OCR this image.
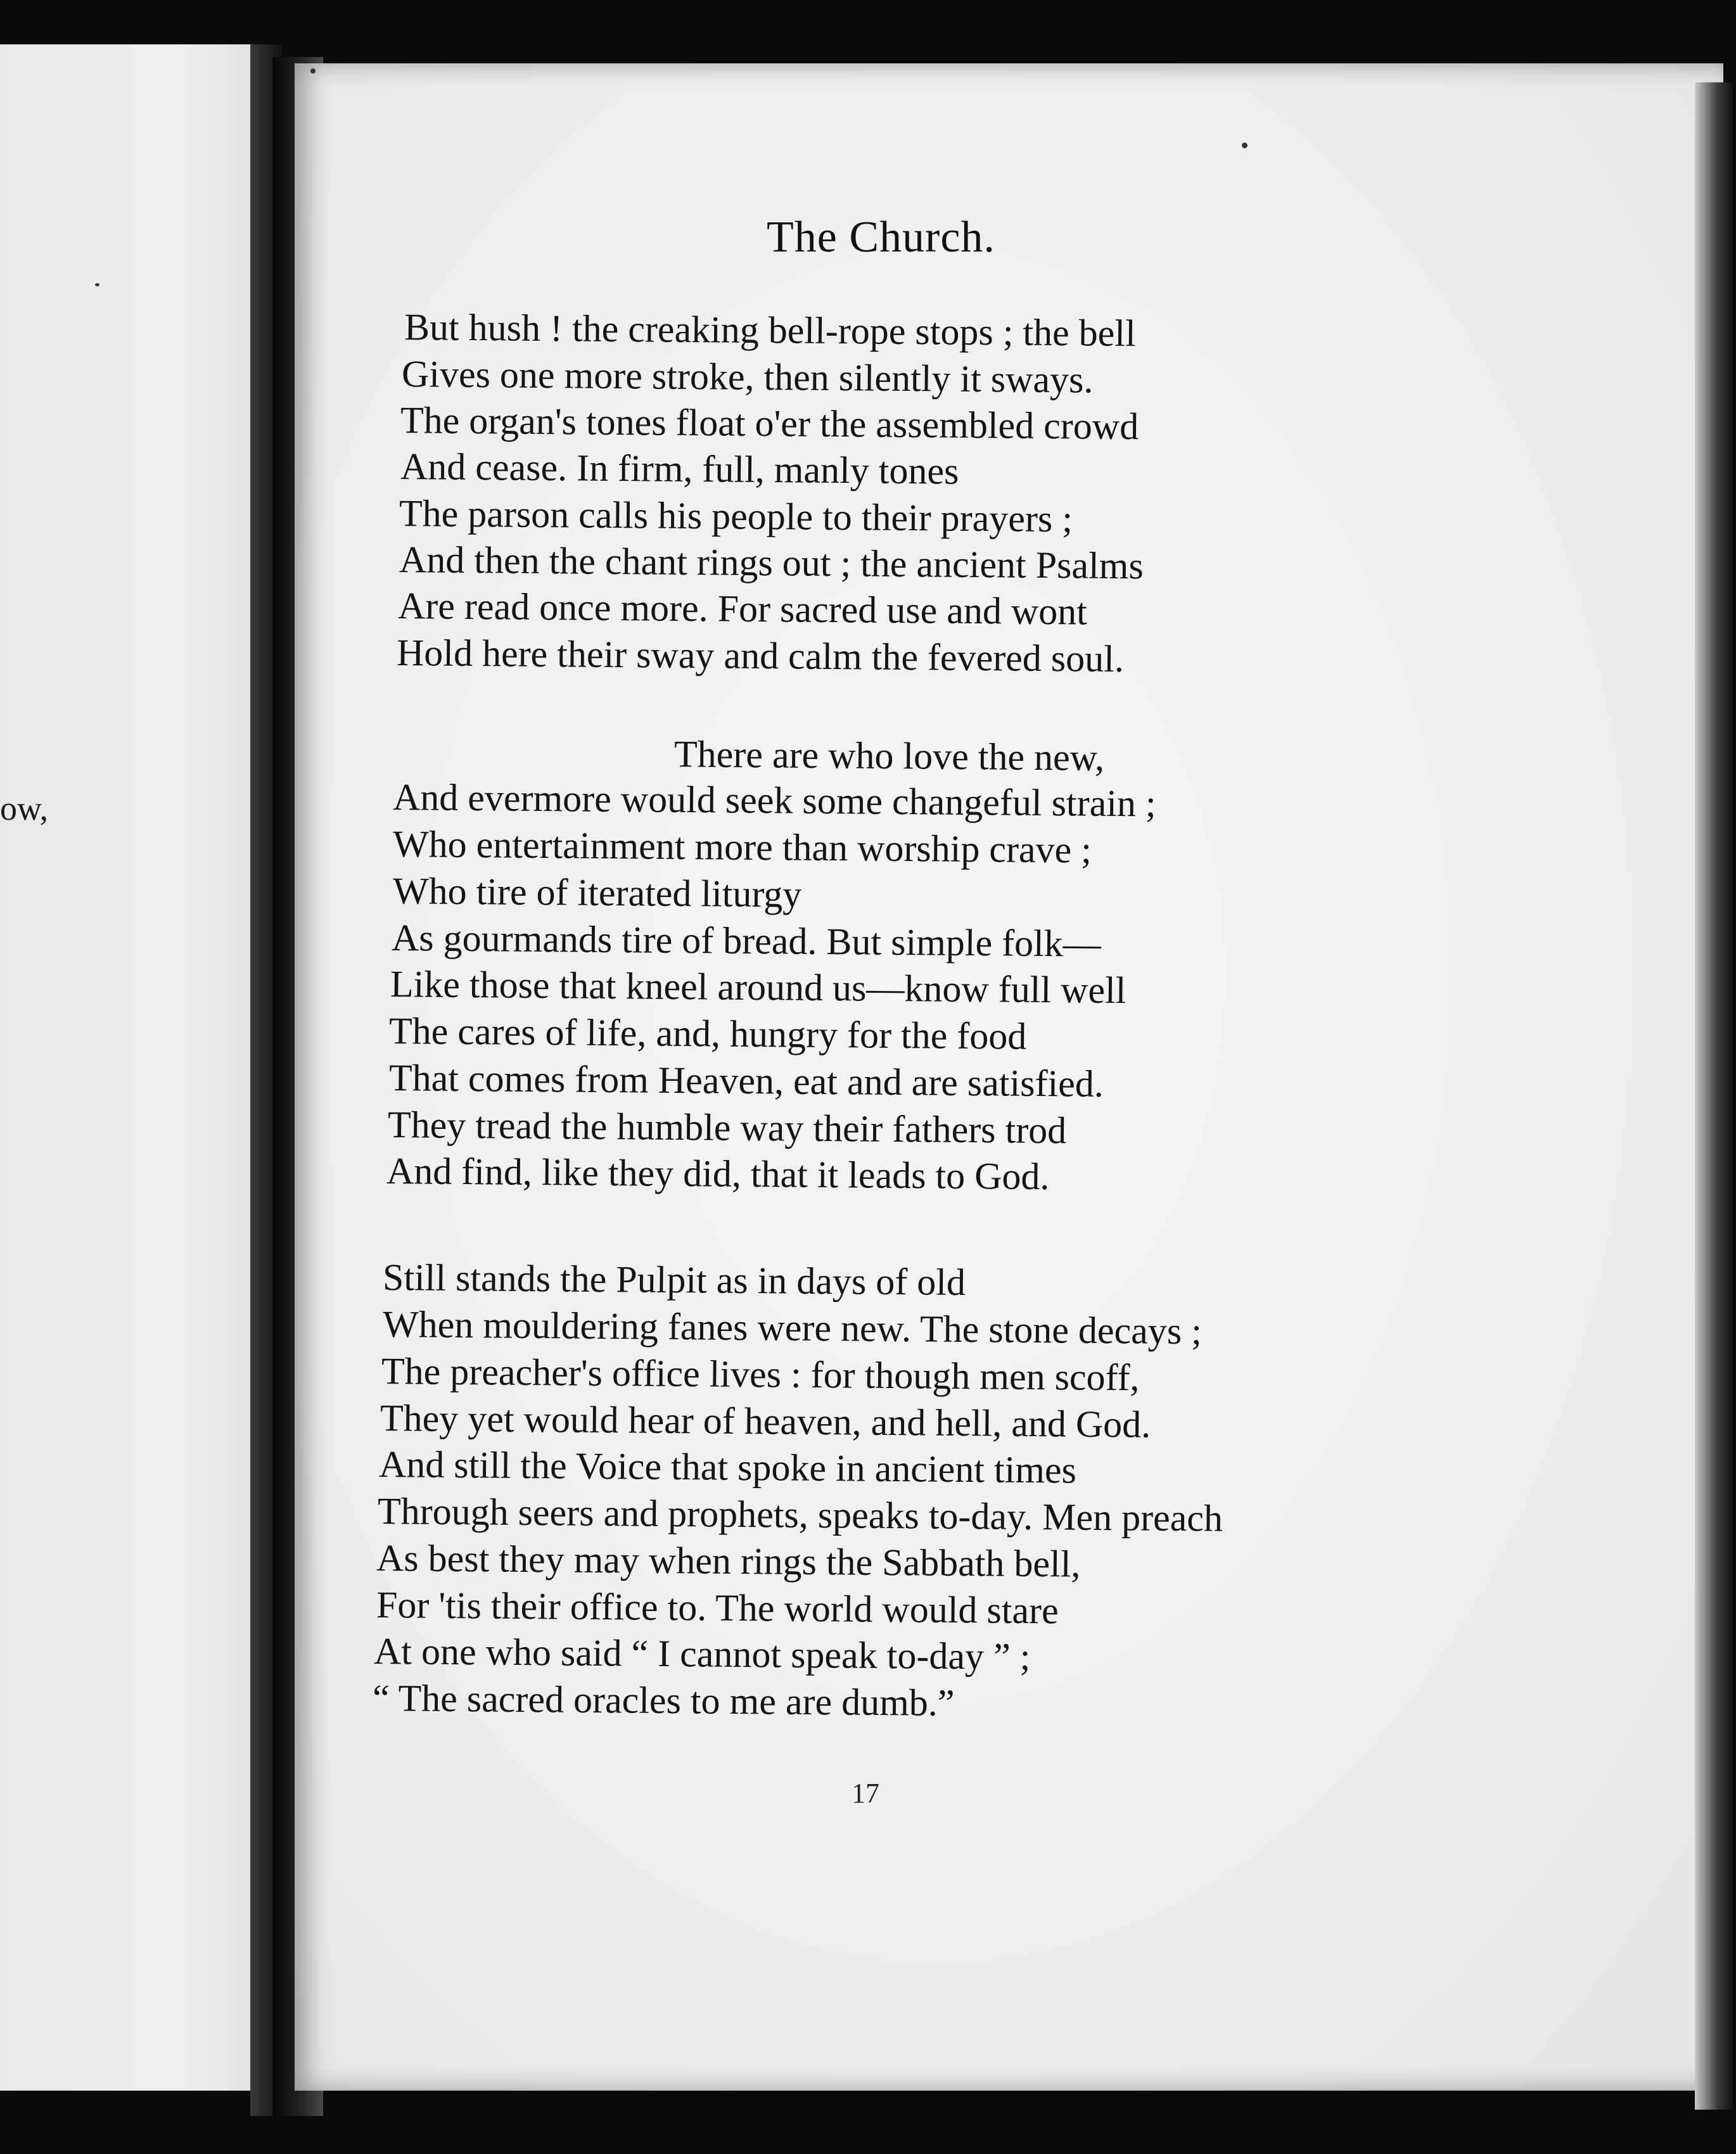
ow,
The Church.
But hush ! the creaking bell-rope stops ; the bell
Gives one more stroke, then silently it sways.
The organ's tones float o'er the assembled crowd
And cease. In firm, full, manly tones
The parson calls his people to their prayers ;
And then the chant rings out ; the ancient Psalms
Are read once more. For sacred use and wont
Hold here their sway and calm the fevered soul.
There are who love the new,
And evermore would seek some changeful strain ;
Who entertainment more than worship crave ;
Who tire of iterated liturgy
As gourmands tire of bread. But simple folk—
Like those that kneel around us—know full well
The cares of life, and, hungry for the food
That comes from Heaven, eat and are satisfied.
They tread the humble way their fathers trod
And find, like they did, that it leads to God.
Still stands the Pulpit as in days of old
When mouldering fanes were new. The stone decays ;
The preacher's office lives : for though men scoff,
They yet would hear of heaven, and hell, and God.
And still the Voice that spoke in ancient times
Through seers and prophets, speaks to-day. Men preach
As best they may when rings the Sabbath bell,
For 'tis their office to. The world would stare
At one who said “ I cannot speak to-day ” ;
“ The sacred oracles to me are dumb.”
17
